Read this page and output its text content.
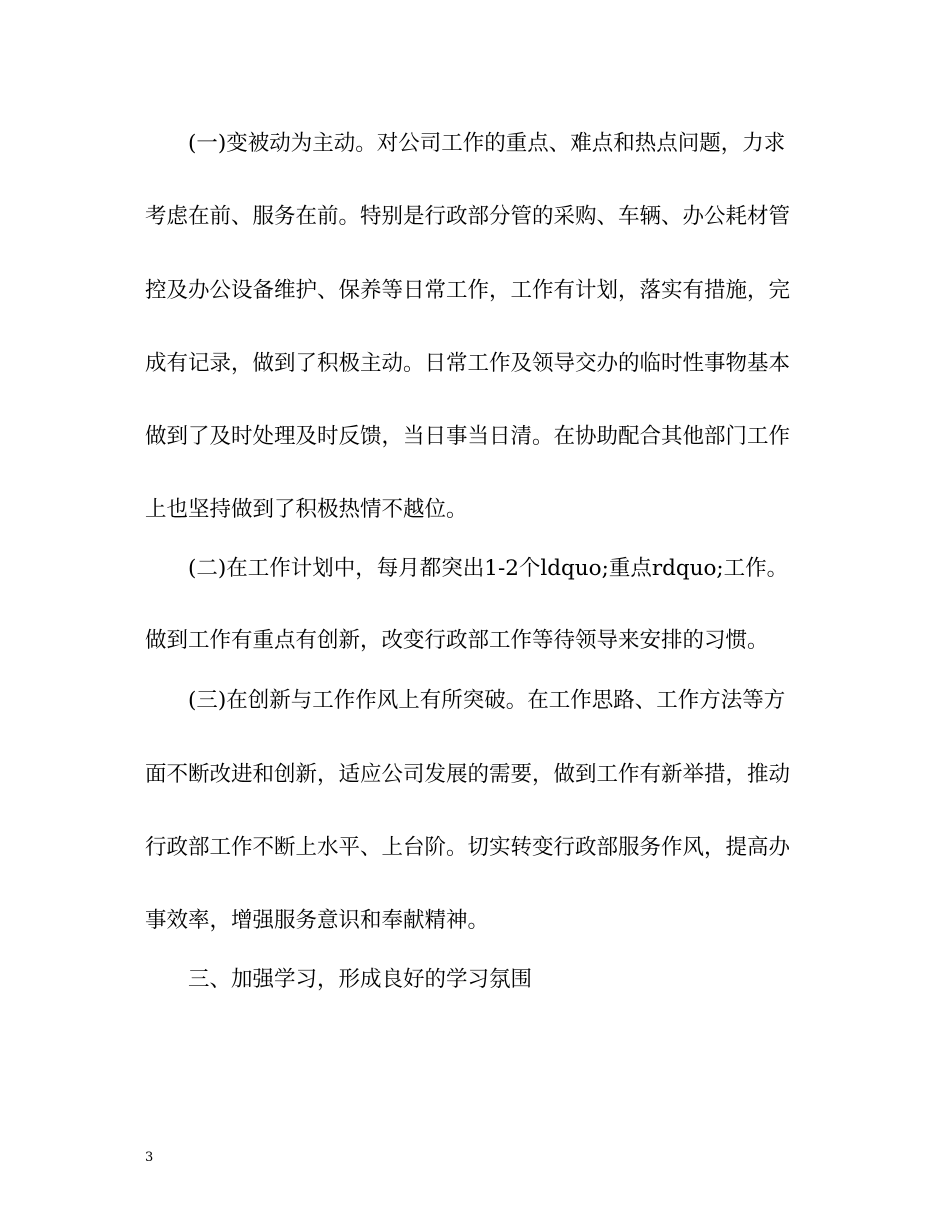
(一)变被动为主动。对公司工作的重点、难点和热点问题，力求
考虑在前、服务在前。特别是行政部分管的采购、车辆、办公耗材管
控及办公设备维护、保养等日常工作，工作有计划，落实有措施，完
成有记录，做到了积极主动。日常工作及领导交办的临时性事物基本
做到了及时处理及时反馈，当日事当日清。在协助配合其他部门工作
上也坚持做到了积极热情不越位。
(二)在工作计划中，每月都突出1-2个ldquo;重点rdquo;工作。
做到工作有重点有创新，改变行政部工作等待领导来安排的习惯。
(三)在创新与工作作风上有所突破。在工作思路、工作方法等方
面不断改进和创新，适应公司发展的需要，做到工作有新举措，推动
行政部工作不断上水平、上台阶。切实转变行政部服务作风，提高办
事效率，增强服务意识和奉献精神。
三、加强学习，形成良好的学习氛围
3
